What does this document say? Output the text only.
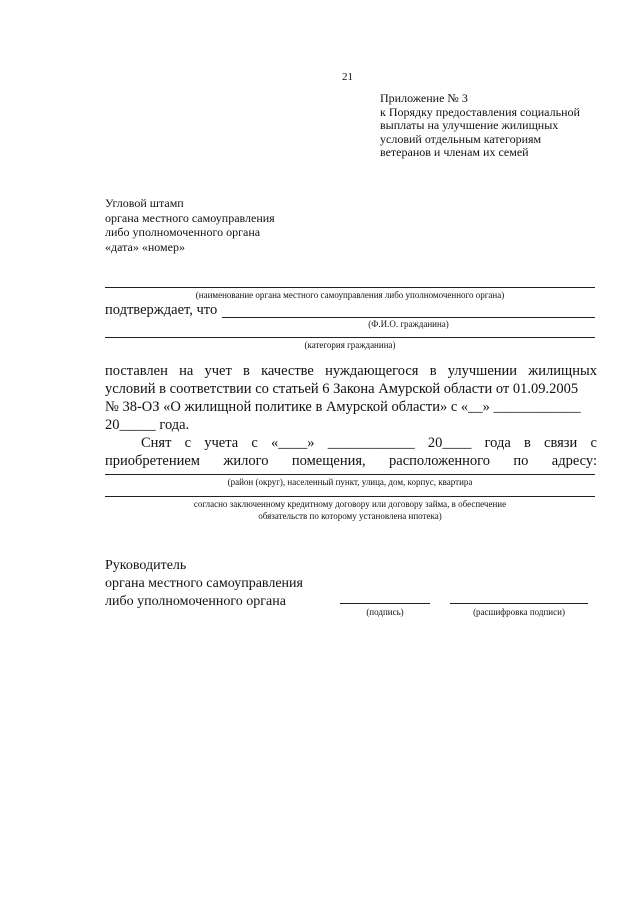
21
Приложение № 3
к Порядку предоставления социальной
выплаты на улучшение жилищных
условий отдельным категориям
ветеранов и членам их семей
Угловой штамп
органа местного самоуправления
либо уполномоченного органа
«дата» «номер»
(наименование органа местного самоуправления либо уполномоченного органа)
подтверждает, что
(Ф.И.О. гражданина)
(категория гражданина)
поставлен на учет в качестве нуждающегося в улучшении жилищных
условий в соответствии со статьей 6 Закона Амурской области от 01.09.2005
№ 38-ОЗ «О жилищной политике в Амурской области» с «__» ____________
20_____ года.
Снят с учета с «____» ____________ 20____ года в связи с
приобретением жилого помещения, расположенного по адресу:
(район (округ), населенный пункт, улица, дом, корпус, квартира
согласно заключенному кредитному договору или договору займа, в обеспечение
обязательств по которому установлена ипотека)
Руководитель
органа местного самоуправления
либо уполномоченного органа
(подпись)	(расшифровка подписи)
